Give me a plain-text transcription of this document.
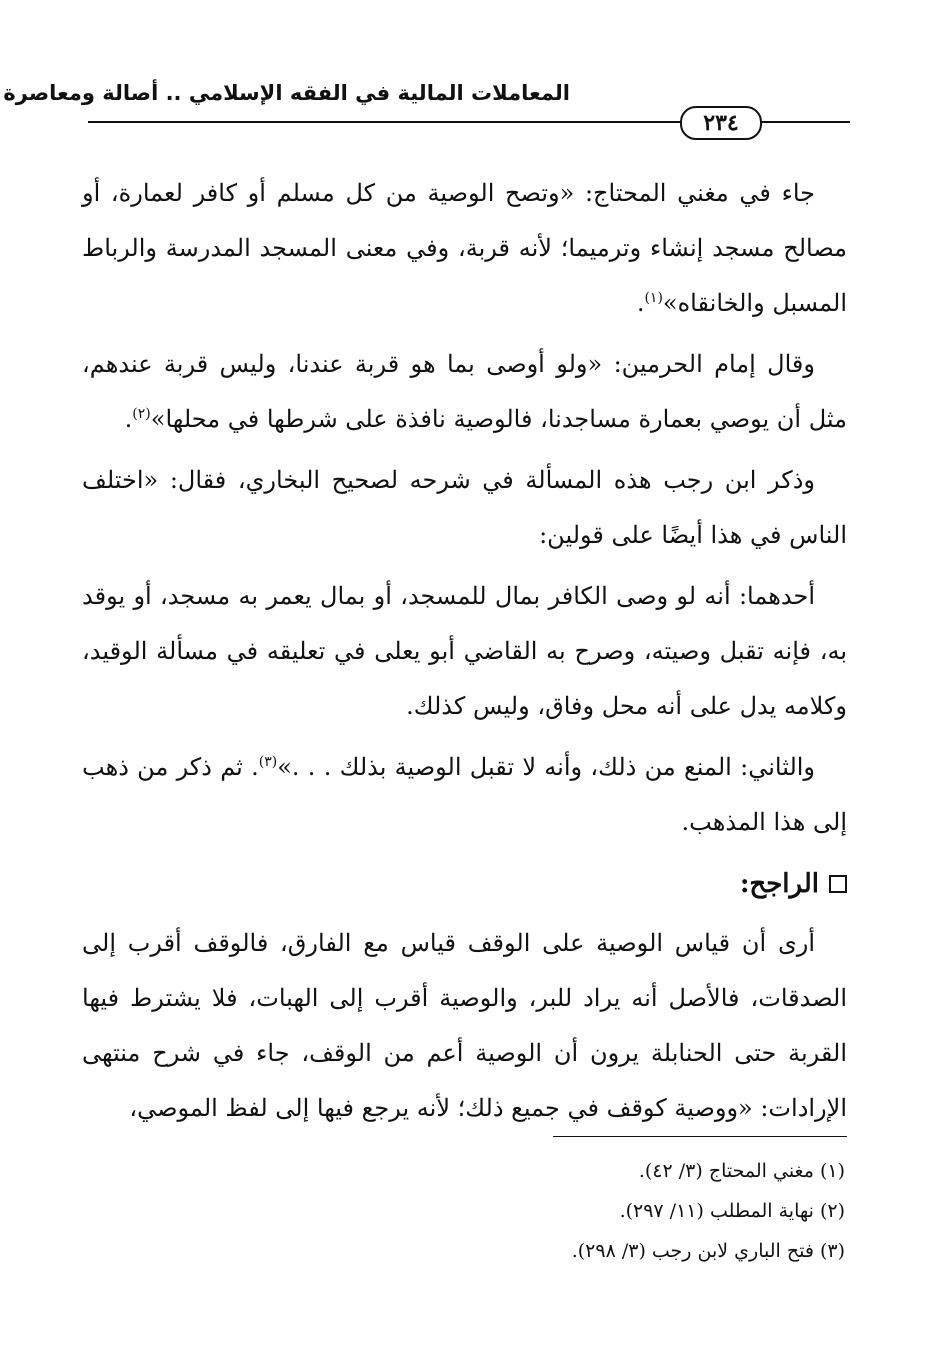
المعاملات المالية في الفقه الإسلامي .. أصالة ومعاصرة
٢٣٤

جاء في مغني المحتاج: «وتصح الوصية من كل مسلم أو كافر لعمارة، أو مصالح مسجد إنشاء وترميما؛ لأنه قربة، وفي معنى المسجد المدرسة والرباط المسبل والخانقاه»$^{(١)}$.

وقال إمام الحرمين: «ولو أوصى بما هو قربة عندنا، وليس قربة عندهم، مثل أن يوصي بعمارة مساجدنا، فالوصية نافذة على شرطها في محلها»$^{(٢)}$.

وذكر ابن رجب هذه المسألة في شرحه لصحيح البخاري، فقال: «اختلف الناس في هذا أيضًا على قولين:

أحدهما: أنه لو وصى الكافر بمال للمسجد، أو بمال يعمر به مسجد، أو يوقد به، فإنه تقبل وصيته، وصرح به القاضي أبو يعلى في تعليقه في مسألة الوقيد، وكلامه يدل على أنه محل وفاق، وليس كذلك.

والثاني: المنع من ذلك، وأنه لا تقبل الوصية بذلك . . .»$^{(٣)}$. ثم ذكر من ذهب إلى هذا المذهب.

الراجح:

أرى أن قياس الوصية على الوقف قياس مع الفارق، فالوقف أقرب إلى الصدقات، فالأصل أنه يراد للبر، والوصية أقرب إلى الهبات، فلا يشترط فيها القربة حتى الحنابلة يرون أن الوصية أعم من الوقف، جاء في شرح منتهى الإرادات: «ووصية كوقف في جميع ذلك؛ لأنه يرجع فيها إلى لفظ الموصي،

(١) مغني المحتاج (٣/ ٤٢).
(٢) نهاية المطلب (١١/ ٢٩٧).
(٣) فتح الباري لابن رجب (٣/ ٢٩٨).
